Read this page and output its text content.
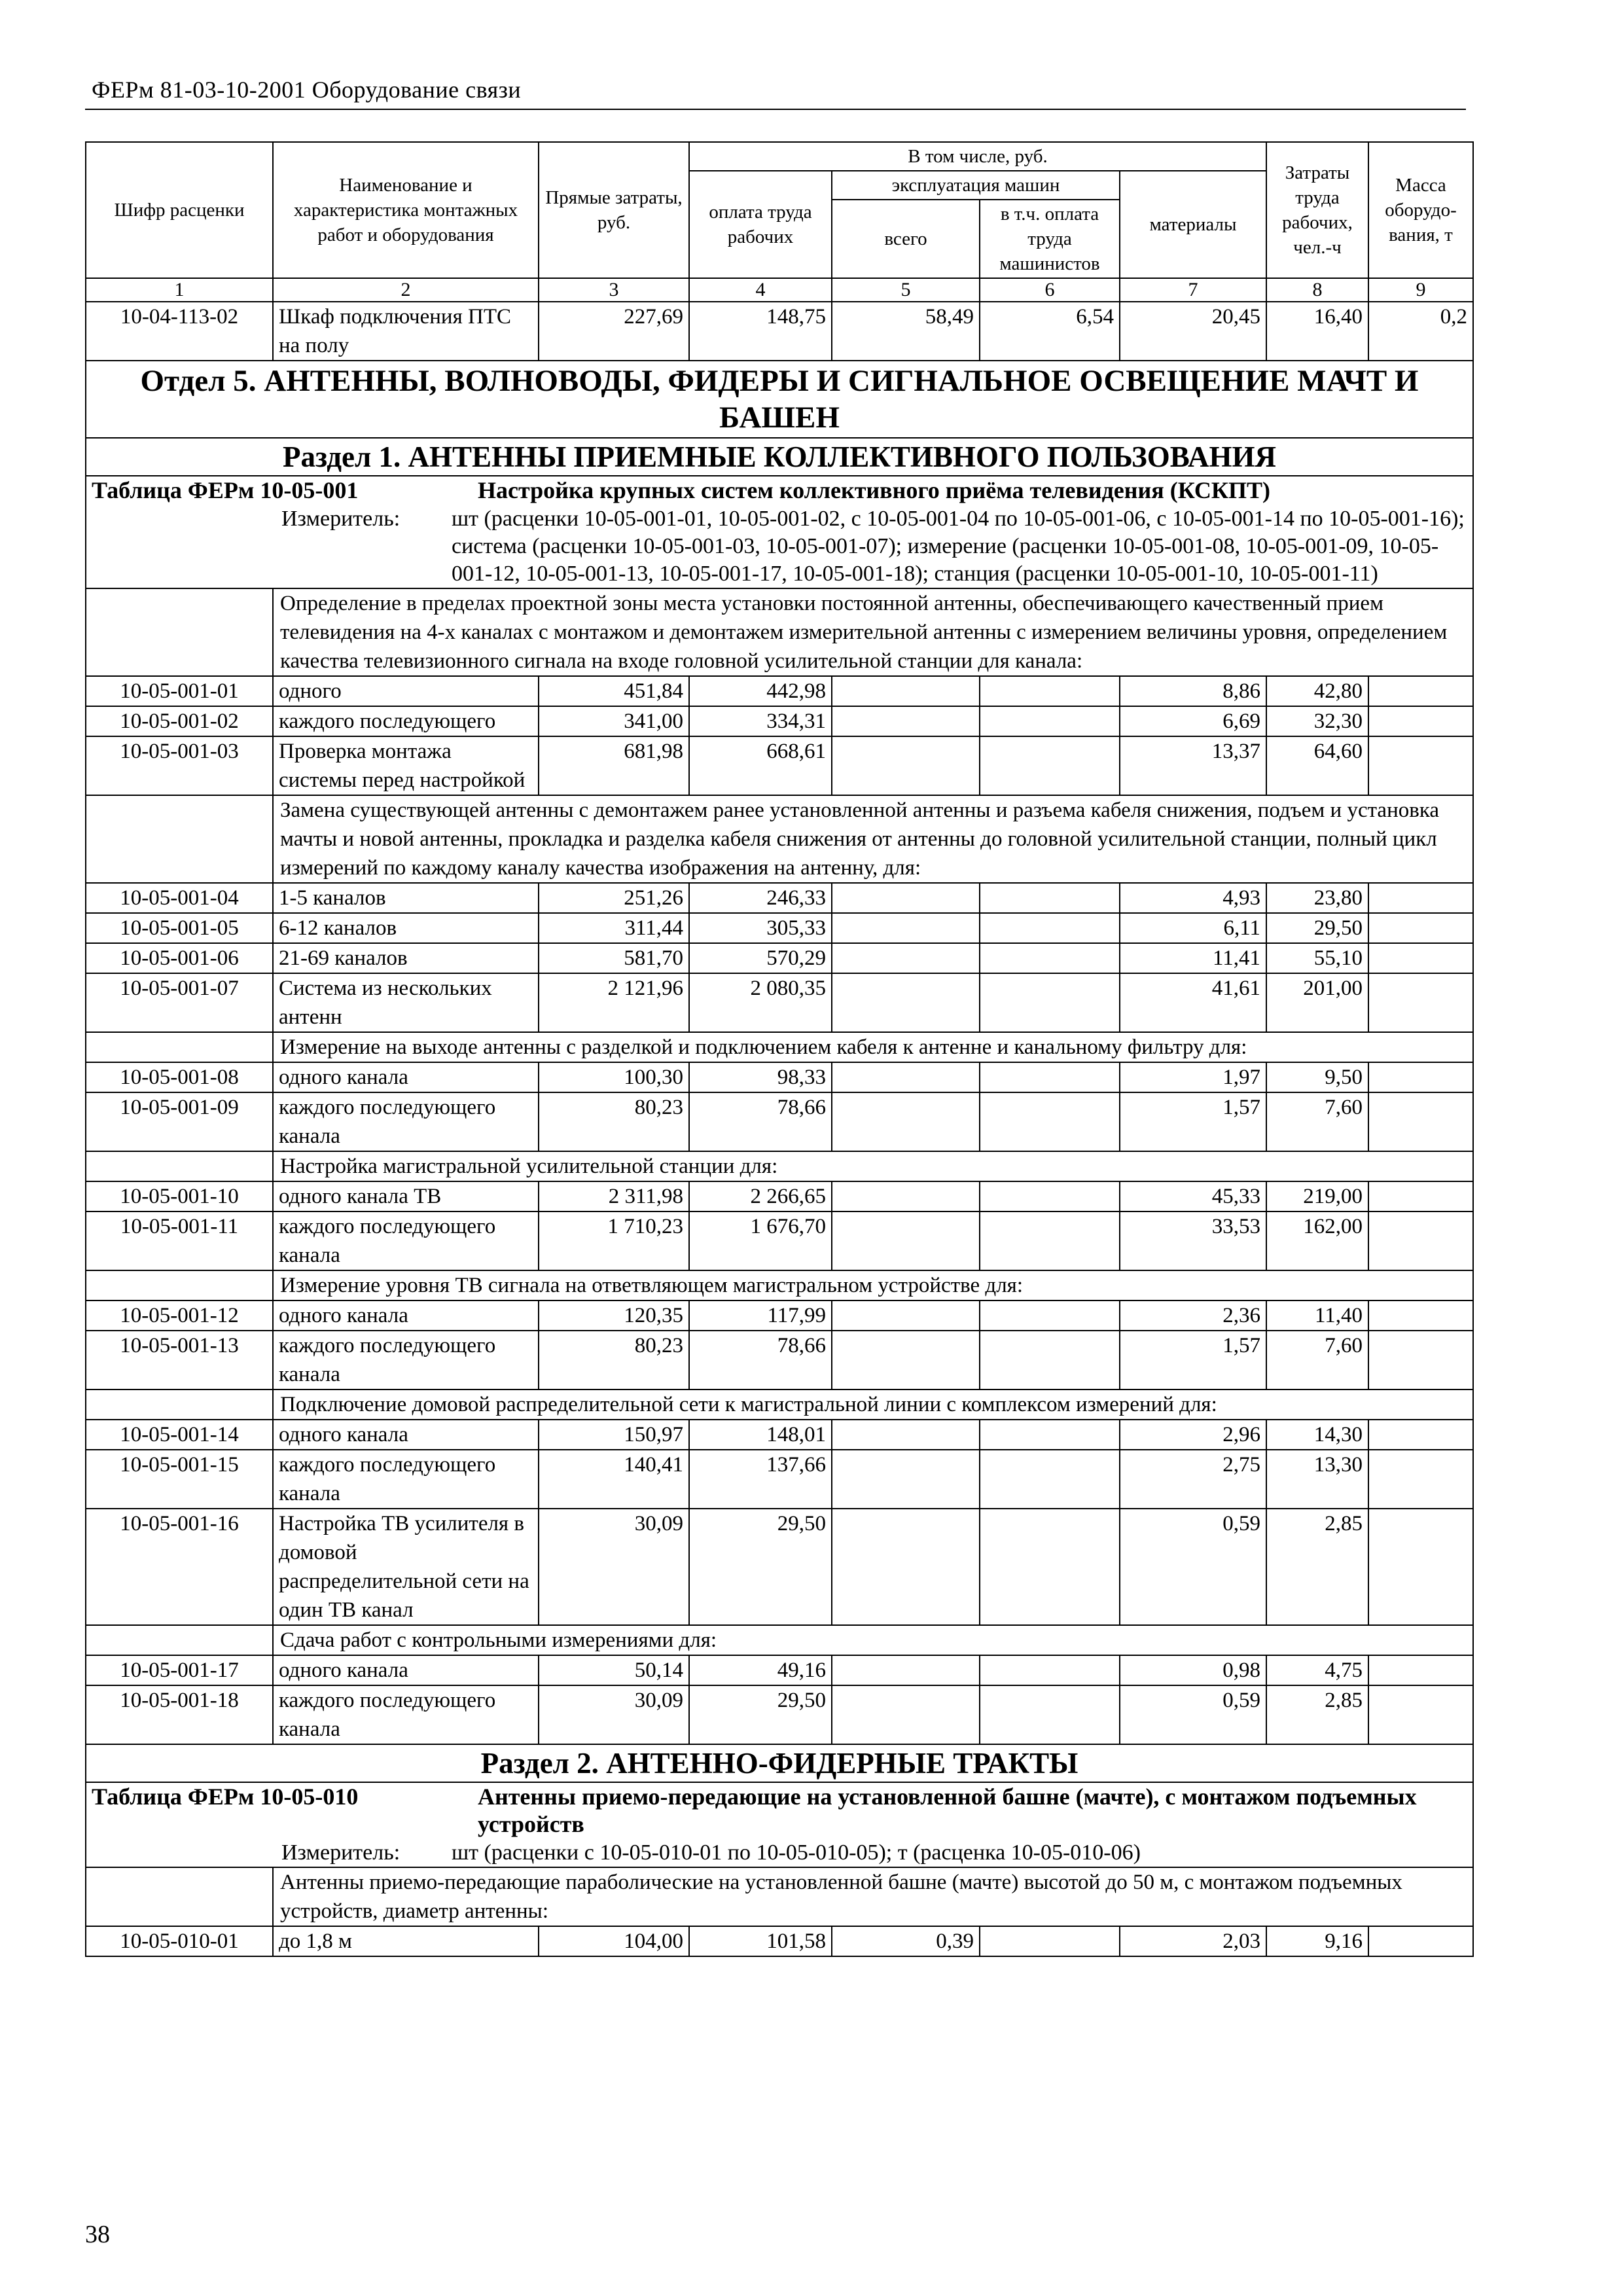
ФЕРм 81-03-10-2001 Оборудование связи
Шифр расценки	Наименование и характеристика монтажных работ и оборудования	Прямые затраты, руб.	В том числе, руб.				Затраты труда рабочих, чел.-ч	Масса оборудо-вания, т
			оплата труда рабочих	эксплуатация машин		материалы		
				всего	в т.ч. оплата труда машинистов			
1	2	3	4	5	6	7	8	9
10-04-113-02	Шкаф подключения ПТС на полу	227,69	148,75	58,49	6,54	20,45	16,40	0,2
Отдел 5. АНТЕННЫ, ВОЛНОВОДЫ, ФИДЕРЫ И СИГНАЛЬНОЕ ОСВЕЩЕНИЕ МАЧТ И БАШЕН								
Раздел 1. АНТЕННЫ ПРИЕМНЫЕ КОЛЛЕКТИВНОГО ПОЛЬЗОВАНИЯ								

Таблица ФЕРм 10-05-001 Настройка крупных систем коллективного приёма телевидения (КСКПТ)
Измеритель: шт (расценки 10-05-001-01, 10-05-001-02, с 10-05-001-04 по 10-05-001-06, с 10-05-001-14 по 10-05-001-16); система (расценки 10-05-001-03, 10-05-001-07); измерение (расценки 10-05-001-08, 10-05-001-09, 10-05-001-12, 10-05-001-13, 10-05-001-17, 10-05-001-18); станция (расценки 10-05-001-10, 10-05-001-11)								

	Определение в пределах проектной зоны места установки постоянной антенны, обеспечивающего качественный прием телевидения на 4-х каналах с монтажом и демонтажем измерительной антенны с измерением величины уровня, определением качества телевизионного сигнала на входе головной усилительной станции для канала:							
10-05-001-01	одного	451,84	442,98			8,86	42,80	
10-05-001-02	каждого последующего	341,00	334,31			6,69	32,30	
10-05-001-03	Проверка монтажа системы перед настройкой	681,98	668,61			13,37	64,60	
	Замена существующей антенны с демонтажем ранее установленной антенны и разъема кабеля снижения, подъем и установка мачты и новой антенны, прокладка и разделка кабеля снижения от антенны до головной усилительной станции, полный цикл измерений по каждому каналу качества изображения на антенну, для:							
10-05-001-04	1-5 каналов	251,26	246,33			4,93	23,80	
10-05-001-05	6-12 каналов	311,44	305,33			6,11	29,50	
10-05-001-06	21-69 каналов	581,70	570,29			11,41	55,10	
10-05-001-07	Система из нескольких антенн	2 121,96	2 080,35			41,61	201,00	
	Измерение на выходе антенны с разделкой и подключением кабеля к антенне и канальному фильтру для:							
10-05-001-08	одного канала	100,30	98,33			1,97	9,50	
10-05-001-09	каждого последующего канала	80,23	78,66			1,57	7,60	
	Настройка магистральной усилительной станции для:							
10-05-001-10	одного канала ТВ	2 311,98	2 266,65			45,33	219,00	
10-05-001-11	каждого последующего канала	1 710,23	1 676,70			33,53	162,00	
	Измерение уровня ТВ сигнала на ответвляющем магистральном устройстве для:							
10-05-001-12	одного канала	120,35	117,99			2,36	11,40	
10-05-001-13	каждого последующего канала	80,23	78,66			1,57	7,60	
	Подключение домовой распределительной сети к магистральной линии с комплексом измерений для:							
10-05-001-14	одного канала	150,97	148,01			2,96	14,30	
10-05-001-15	каждого последующего канала	140,41	137,66			2,75	13,30	
10-05-001-16	Настройка ТВ усилителя в домовой распределительной сети на один ТВ канал	30,09	29,50			0,59	2,85	
	Сдача работ с контрольными измерениями для:							
10-05-001-17	одного канала	50,14	49,16			0,98	4,75	
10-05-001-18	каждого последующего канала	30,09	29,50			0,59	2,85	
Раздел 2. АНТЕННО-ФИДЕРНЫЕ ТРАКТЫ								

Таблица ФЕРм 10-05-010 Антенны приемо-передающие на установленной башне (мачте), с монтажом подъемных устройств
Измеритель: шт (расценки с 10-05-010-01 по 10-05-010-05); т (расценка 10-05-010-06)								

	Антенны приемо-передающие параболические на установленной башне (мачте) высотой до 50 м, с монтажом подъемных устройств, диаметр антенны:							
10-05-010-01	до 1,8 м	104,00	101,58	0,39		2,03	9,16	
38
